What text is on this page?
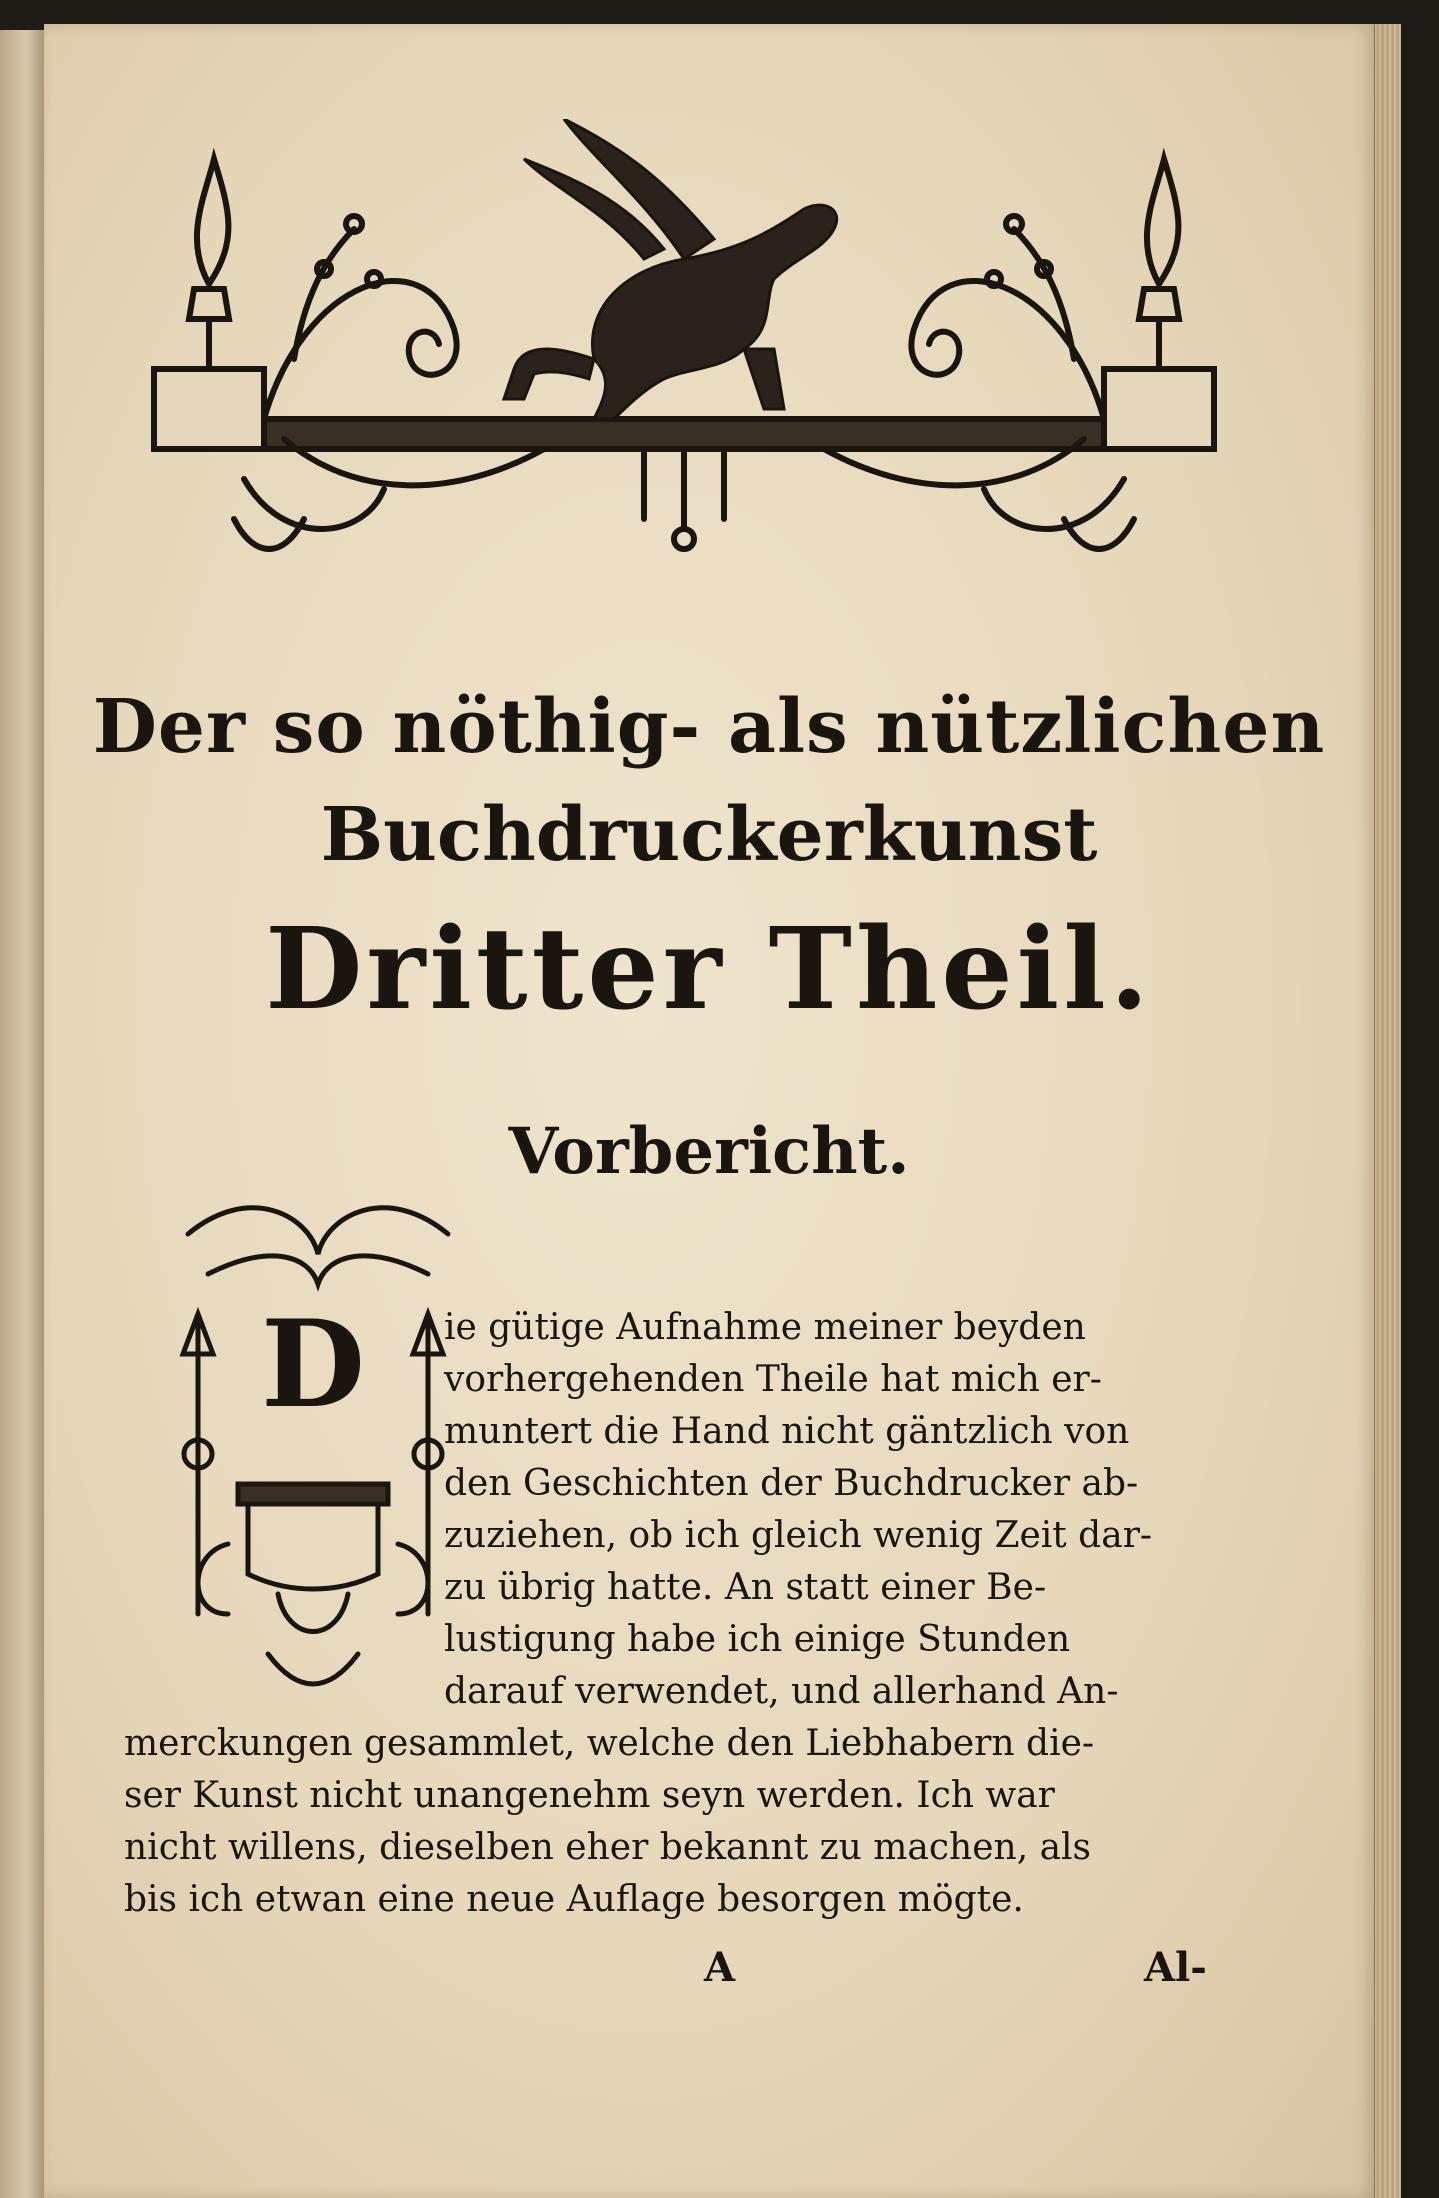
Der so nöthig- als nützlichen

Buchdruckerkunst

Dritter Theil.

Vorbericht.

D ie gütige Aufnahme meiner beyden
vorhergehenden Theile hat mich er-
muntert die Hand nicht gäntzlich von
den Geschichten der Buchdrucker ab-
zuziehen, ob ich gleich wenig Zeit dar-
zu übrig hatte. An statt einer Be-
lustigung habe ich einige Stunden
darauf verwendet, und allerhand An-
merckungen gesammlet, welche den Liebhabern die-
ser Kunst nicht unangenehm seyn werden. Ich war
nicht willens, dieselben eher bekannt zu machen, als
bis ich etwan eine neue Auflage besorgen mögte.
A	Al-
